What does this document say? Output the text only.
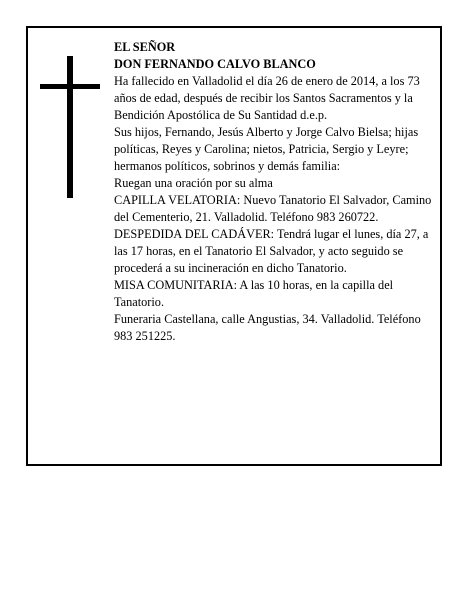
EL SEÑOR

DON FERNANDO CALVO BLANCO

Ha fallecido en Valladolid el día 26 de enero de 2014, a los 73 años de edad, después de recibir los Santos Sacramentos y la Bendición Apostólica de Su Santidad d.e.p.

Sus hijos, Fernando, Jesús Alberto y Jorge Calvo Bielsa; hijas políticas, Reyes y Carolina; nietos, Patricia, Sergio y Leyre; hermanos políticos, sobrinos y demás familia:

Ruegan una oración por su alma

CAPILLA VELATORIA: Nuevo Tanatorio El Salvador, Camino del Cementerio, 21. Valladolid. Teléfono 983 260722.

DESPEDIDA DEL CADÁVER: Tendrá lugar el lunes, día 27, a las 17 horas, en el Tanatorio El Salvador, y acto seguido se procederá a su incineración en dicho Tanatorio.

MISA COMUNITARIA: A las 10 horas, en la capilla del Tanatorio.

Funeraria Castellana, calle Angustias, 34. Valladolid. Teléfono 983 251225.
